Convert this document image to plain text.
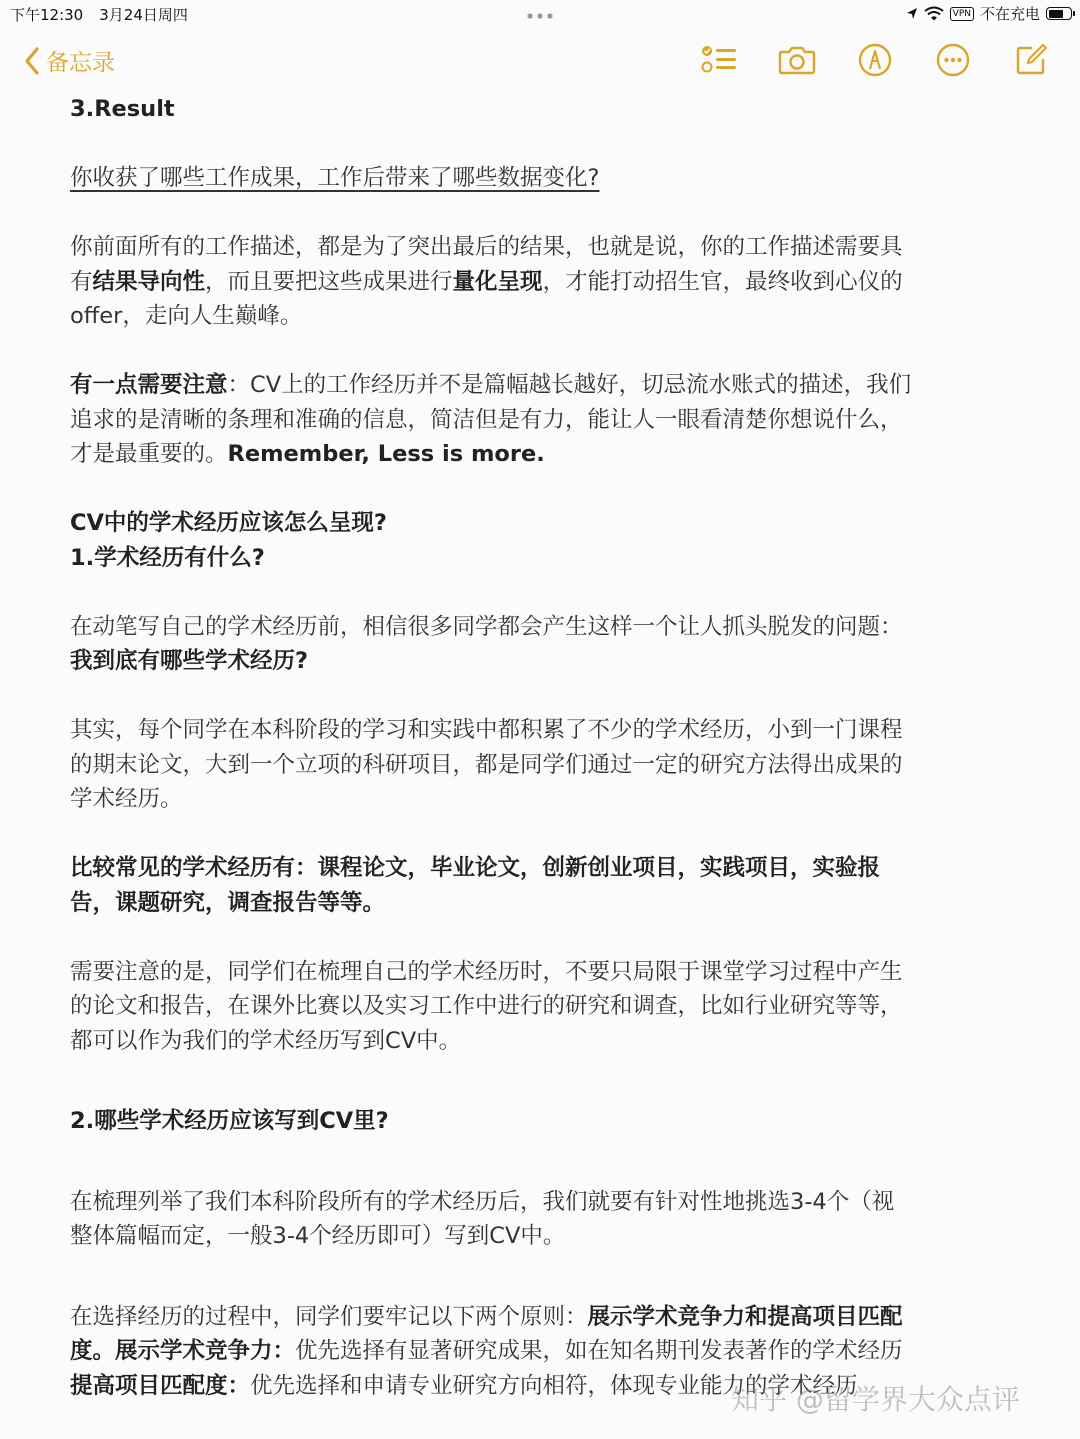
下午12:30 3月24日周四	VPN 不在充电
备忘录

3.Result

你收获了哪些工作成果，工作后带来了哪些数据变化?

你前面所有的工作描述，都是为了突出最后的结果，也就是说，你的工作描述需要具

有结果导向性，而且要把这些成果进行量化呈现，才能打动招生官，最终收到心仪的

offer，走向人生巅峰。

有一点需要注意：CV上的工作经历并不是篇幅越长越好，切忌流水账式的描述，我们

追求的是清晰的条理和准确的信息，简洁但是有力，能让人一眼看清楚你想说什么，

才是最重要的。Remember, Less is more.

CV中的学术经历应该怎么呈现?

1.学术经历有什么?

在动笔写自己的学术经历前，相信很多同学都会产生这样一个让人抓头脱发的问题：

我到底有哪些学术经历?

其实，每个同学在本科阶段的学习和实践中都积累了不少的学术经历，小到一门课程

的期末论文，大到一个立项的科研项目，都是同学们通过一定的研究方法得出成果的

学术经历。

比较常见的学术经历有：课程论文，毕业论文，创新创业项目，实践项目，实验报

告，课题研究，调查报告等等。

需要注意的是，同学们在梳理自己的学术经历时，不要只局限于课堂学习过程中产生

的论文和报告，在课外比赛以及实习工作中进行的研究和调查，比如行业研究等等，

都可以作为我们的学术经历写到CV中。

2.哪些学术经历应该写到CV里?

在梳理列举了我们本科阶段所有的学术经历后，我们就要有针对性地挑选3-4个（视

整体篇幅而定，一般3-4个经历即可）写到CV中。

在选择经历的过程中，同学们要牢记以下两个原则：展示学术竞争力和提高项目匹配

度。展示学术竞争力：优先选择有显著研究成果，如在知名期刊发表著作的学术经历

提高项目匹配度：优先选择和申请专业研究方向相符，体现专业能力的学术经历

知乎 @留学界大众点评
